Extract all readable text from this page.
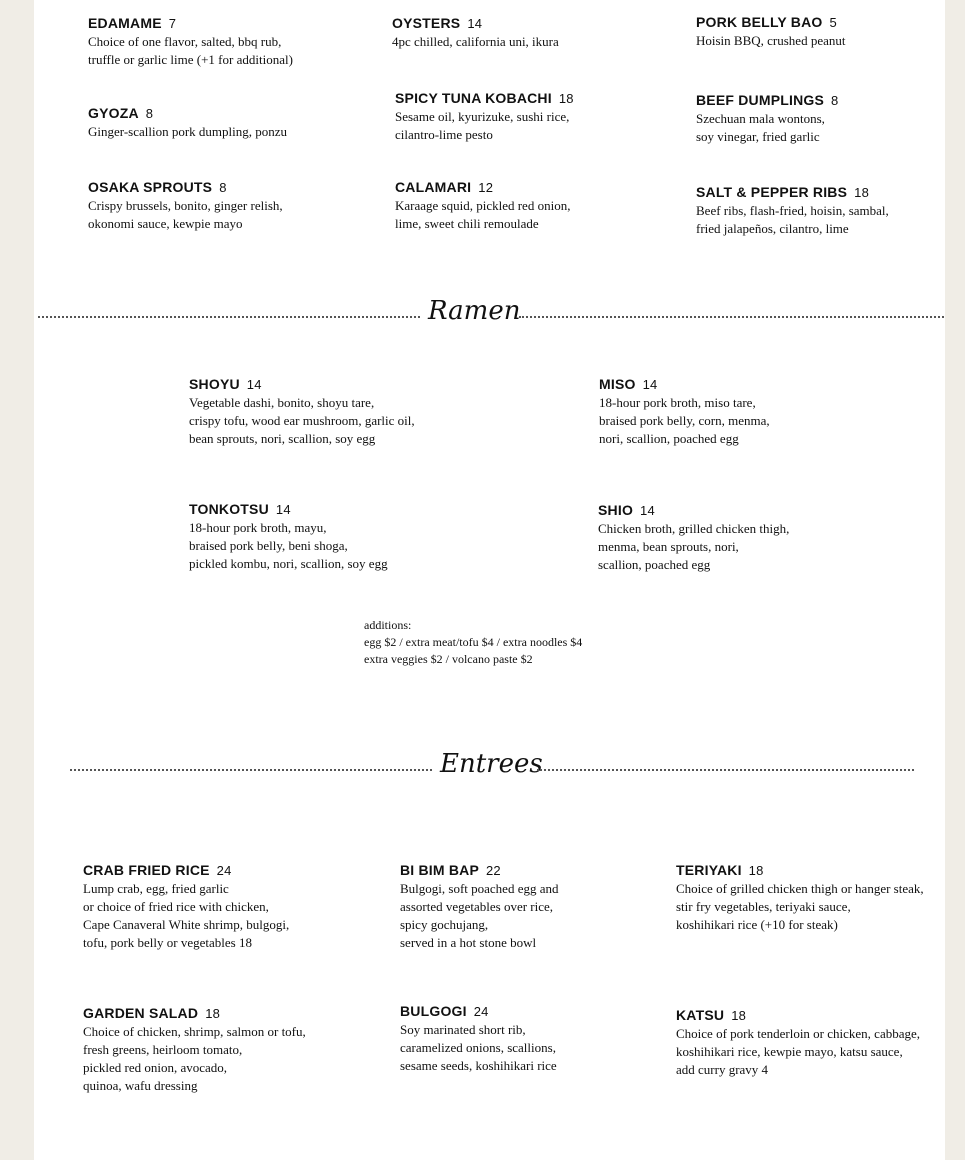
EDAMAME 7
Choice of one flavor, salted, bbq rub,
truffle or garlic lime (+1 for additional)
OYSTERS 14
4pc chilled, california uni, ikura
PORK BELLY BAO 5
Hoisin BBQ, crushed peanut
GYOZA 8
Ginger-scallion pork dumpling, ponzu
SPICY TUNA KOBACHI 18
Sesame oil, kyurizuke, sushi rice,
cilantro-lime pesto
BEEF DUMPLINGS 8
Szechuan mala wontons,
soy vinegar, fried garlic
OSAKA SPROUTS 8
Crispy brussels, bonito, ginger relish,
okonomi sauce, kewpie mayo
CALAMARI 12
Karaage squid, pickled red onion,
lime, sweet chili remoulade
SALT & PEPPER RIBS 18
Beef ribs, flash-fried, hoisin, sambal,
fried jalapeños, cilantro, lime
Ramen
SHOYU 14
Vegetable dashi, bonito, shoyu tare,
crispy tofu, wood ear mushroom, garlic oil,
bean sprouts, nori, scallion, soy egg
MISO 14
18-hour pork broth, miso tare,
braised pork belly, corn, menma,
nori, scallion, poached egg
TONKOTSU 14
18-hour pork broth, mayu,
braised pork belly, beni shoga,
pickled kombu, nori, scallion, soy egg
SHIO 14
Chicken broth, grilled chicken thigh,
menma, bean sprouts, nori,
scallion, poached egg
additions:
egg $2 / extra meat/tofu $4 / extra noodles $4
extra veggies $2 / volcano paste $2
Entrees
CRAB FRIED RICE 24
Lump crab, egg, fried garlic
or choice of fried rice with chicken,
Cape Canaveral White shrimp, bulgogi,
tofu, pork belly or vegetables 18
BI BIM BAP 22
Bulgogi, soft poached egg and
assorted vegetables over rice,
spicy gochujang,
served in a hot stone bowl
TERIYAKI 18
Choice of grilled chicken thigh or hanger steak,
stir fry vegetables, teriyaki sauce,
koshihikari rice (+10 for steak)
GARDEN SALAD 18
Choice of chicken, shrimp, salmon or tofu,
fresh greens, heirloom tomato,
pickled red onion, avocado,
quinoa, wafu dressing
BULGOGI 24
Soy marinated short rib,
caramelized onions, scallions,
sesame seeds, koshihikari rice
KATSU 18
Choice of pork tenderloin or chicken, cabbage,
koshihikari rice, kewpie mayo, katsu sauce,
add curry gravy 4
